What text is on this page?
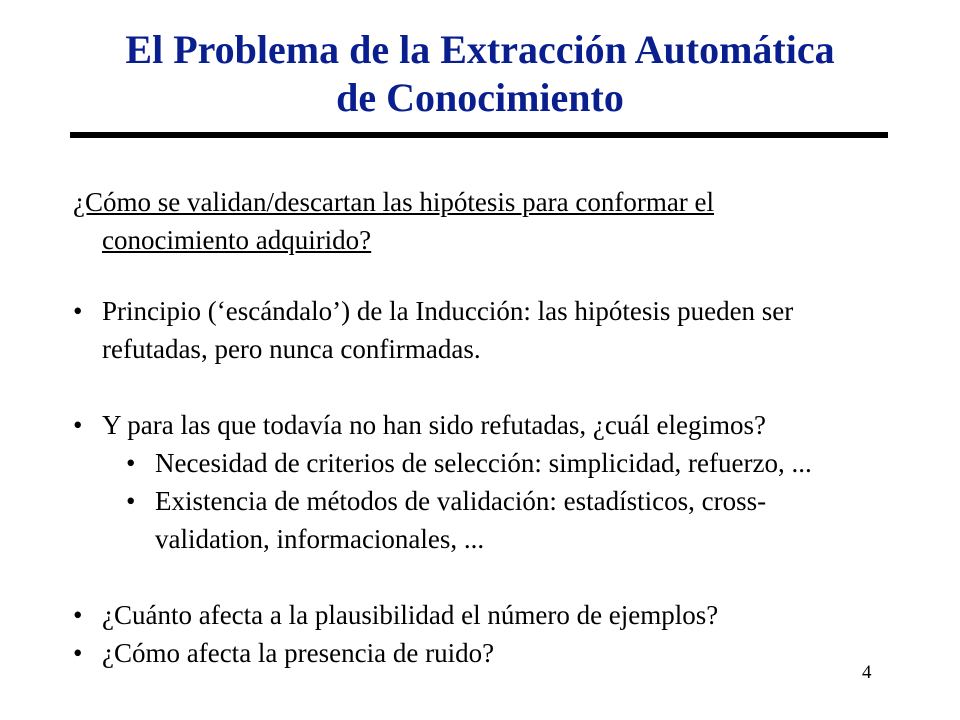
El Problema de la Extracción Automática
de Conocimiento
¿Cómo se validan/descartan las hipótesis para conformar el
conocimiento adquirido?
• Principio (‘escándalo’) de la Inducción: las hipótesis pueden ser
refutadas, pero nunca confirmadas.
• Y para las que todavía no han sido refutadas, ¿cuál elegimos?
• Necesidad de criterios de selección: simplicidad, refuerzo, ...
• Existencia de métodos de validación: estadísticos, cross-
validation, informacionales, ...
• ¿Cuánto afecta a la plausibilidad el número de ejemplos?
• ¿Cómo afecta la presencia de ruido?
4
